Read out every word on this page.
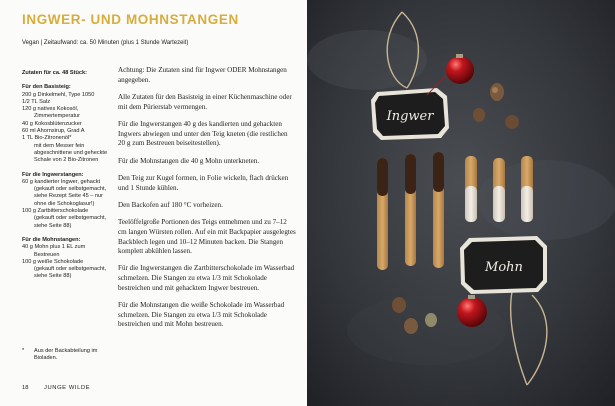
INGWER- UND MOHNSTANGEN
Vegan | Zeitaufwand: ca. 50 Minuten (plus 1 Stunde Wartezeit)
Zutaten für ca. 48 Stück:
Für den Basisteig:
200 g Dinkelmehl, Type 1050
1/2 TL Salz
120 g natives Kokosöl,
Zimmertemperatur
40 g Kokosblütenzucker
60 ml Ahornsirup, Grad A
1 TL Bio-Zitronenöl*
mit dem Messer fein
abgeschnittene und geheckte
Schale von 2 Bio-Zitronen
Für die Ingwerstangen:
60 g kandierter Ingwer, gehackt
(gekauft oder selbstgemacht,
siehe Rezept Seite 45 – nur
ohne die Schokoglasur!)
100 g Zartbitterschokolade
(gekauft oder selbstgemacht,
siehe Seite 88)
Für die Mohnstangen:
40 g Mohn plus 1 EL zum
Bestreuen
100 g weiße Schokolade
(gekauft oder selbstgemacht,
siehe Seite 88)
*	Aus der Backabteilung im Bioladen.

Achtung: Die Zutaten sind für Ingwer ODER Mohnstangen angegeben.

Alle Zutaten für den Basisteig in einer Küchenmaschine oder mit dem Pürierstab vermengen.

Für die Ingwerstangen 40 g des kandierten und gehackten Ingwers abwiegen und unter den Teig kneten (die restlichen 20 g zum Bestreuen beiseitestellen).

Für die Mohnstangen die 40 g Mohn unterkneten.

Den Teig zur Kugel formen, in Folie wickeln, flach drücken und 1 Stunde kühlen.

Den Backofen auf 180 °C vorheizen.

Teelöffelgroße Portionen des Teigs entnehmen und zu 7–12 cm langen Würsten rollen. Auf ein mit Backpapier ausgelegtes Backblech legen und 10–12 Minuten backen. Die Stangen komplett abkühlen lassen.

Für die Ingwerstangen die Zartbitterschokolade im Wasserbad schmelzen. Die Stangen zu etwa 1/3 mit Schokolade bestreichen und mit gehacktem Ingwer bestreuen.

Für die Mohnstangen die weiße Schokolade im Wasserbad schmelzen. Die Stangen zu etwa 1/3 mit Schokolade bestreichen und mit Mohn bestreuen.

18	JUNGE WILDE
Ingwer
Mohn
